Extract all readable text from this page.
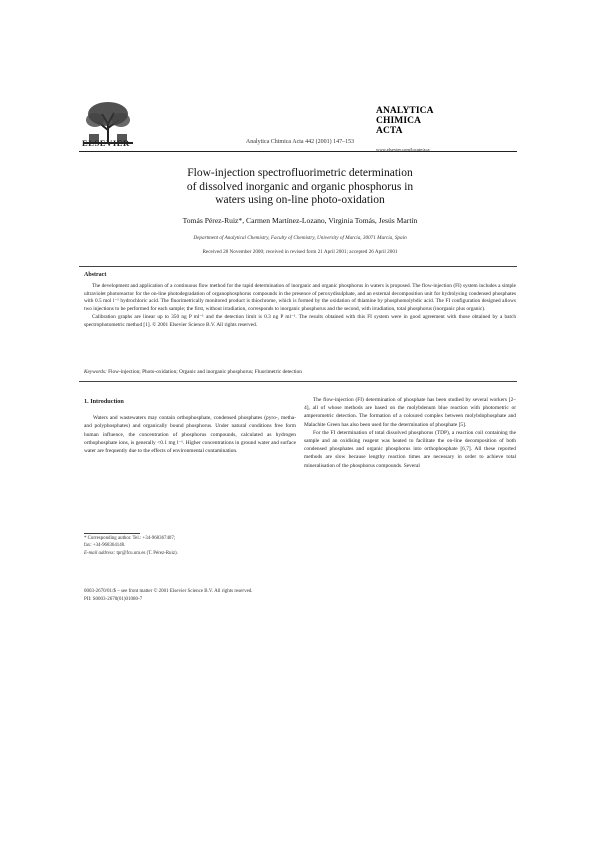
ELSEVIER	Analytica Chimica Acta 442 (2001) 147–153
ANALYTICA
CHIMICA
ACTA
www.elsevier.com/locate/aca
Flow-injection spectrofluorimetric determination
of dissolved inorganic and organic phosphorus in
waters using on-line photo-oxidation
Tomás Pérez-Ruiz*, Carmen Martínez-Lozano, Virginia Tomás, Jesús Martín
Department of Analytical Chemistry, Faculty of Chemistry, University of Murcia, 30071 Murcia, Spain
Received 28 November 2000; received in revised form 21 April 2001; accepted 26 April 2001
Abstract

The development and application of a continuous flow method for the rapid determination of inorganic and organic phosphorus in waters is proposed. The flow-injection (FI) system includes a simple ultraviolet photoreactor for the on-line photodegradation of organophosphorus compounds in the presence of peroxydisulphate, and an external decomposition unit for hydrolysing condensed phosphates with 0.5 mol l⁻¹ hydrochloric acid. The fluorimetrically monitored product is thiochrome, which is formed by the oxidation of thiamine by phosphomolybdic acid. The FI configuration designed allows two injections to be performed for each sample; the first, without irradiation, corresponds to inorganic phosphorus and the second, with irradiation, total phosphorus (inorganic plus organic).

Calibration graphs are linear up to 350 ng P ml⁻¹ and the detection limit is 0.3 ng P ml⁻¹. The results obtained with this FI system were in good agreement with those obtained by a batch spectrophotometric method [1]. © 2001 Elsevier Science B.V. All rights reserved.

Keywords: Flow-injection; Photo-oxidation; Organic and inorganic phosphorus; Fluorimetric detection
1. Introduction

Waters and wastewaters may contain orthophosphate, condensed phosphates (pyro-, metha- and polyphosphates) and organically bound phosphorus. Under natural conditions free form human influence, the concentration of phosphorus compounds, calculated as hydrogen orthophosphate ions, is generally <0.1 mg l⁻¹. Higher concentrations in ground water and surface water are frequently due to the effects of environmental contamination.

The flow-injection (FI) determination of phosphate has been studied by several workers [2–4], all of whose methods are based on the molybdenum blue reaction with photometric or amperometric detection. The formation of a coloured complex between molybdophosphate and Malachite Green has also been used for the determination of phosphate [5].

For the FI determination of total dissolved phosphorus (TDP), a reaction coil containing the sample and an oxidising reagent was heated to facilitate the on-line decomposition of both condensed phosphates and organic phosphorus into orthophosphate [6,7]. All these reported methods are slow because lengthy reaction times are necessary in order to achieve total mineralisation of the phosphorus compounds. Several

* Corresponding author. Tel.: +34-968367407;
fax: +34-968364148.
E-mail address: tpr@fcu.um.es (T. Pérez-Ruiz).
0003-2670/01/$ – see front matter © 2001 Elsevier Science B.V. All rights reserved.
PII: S0003-2670(01)01080-7
